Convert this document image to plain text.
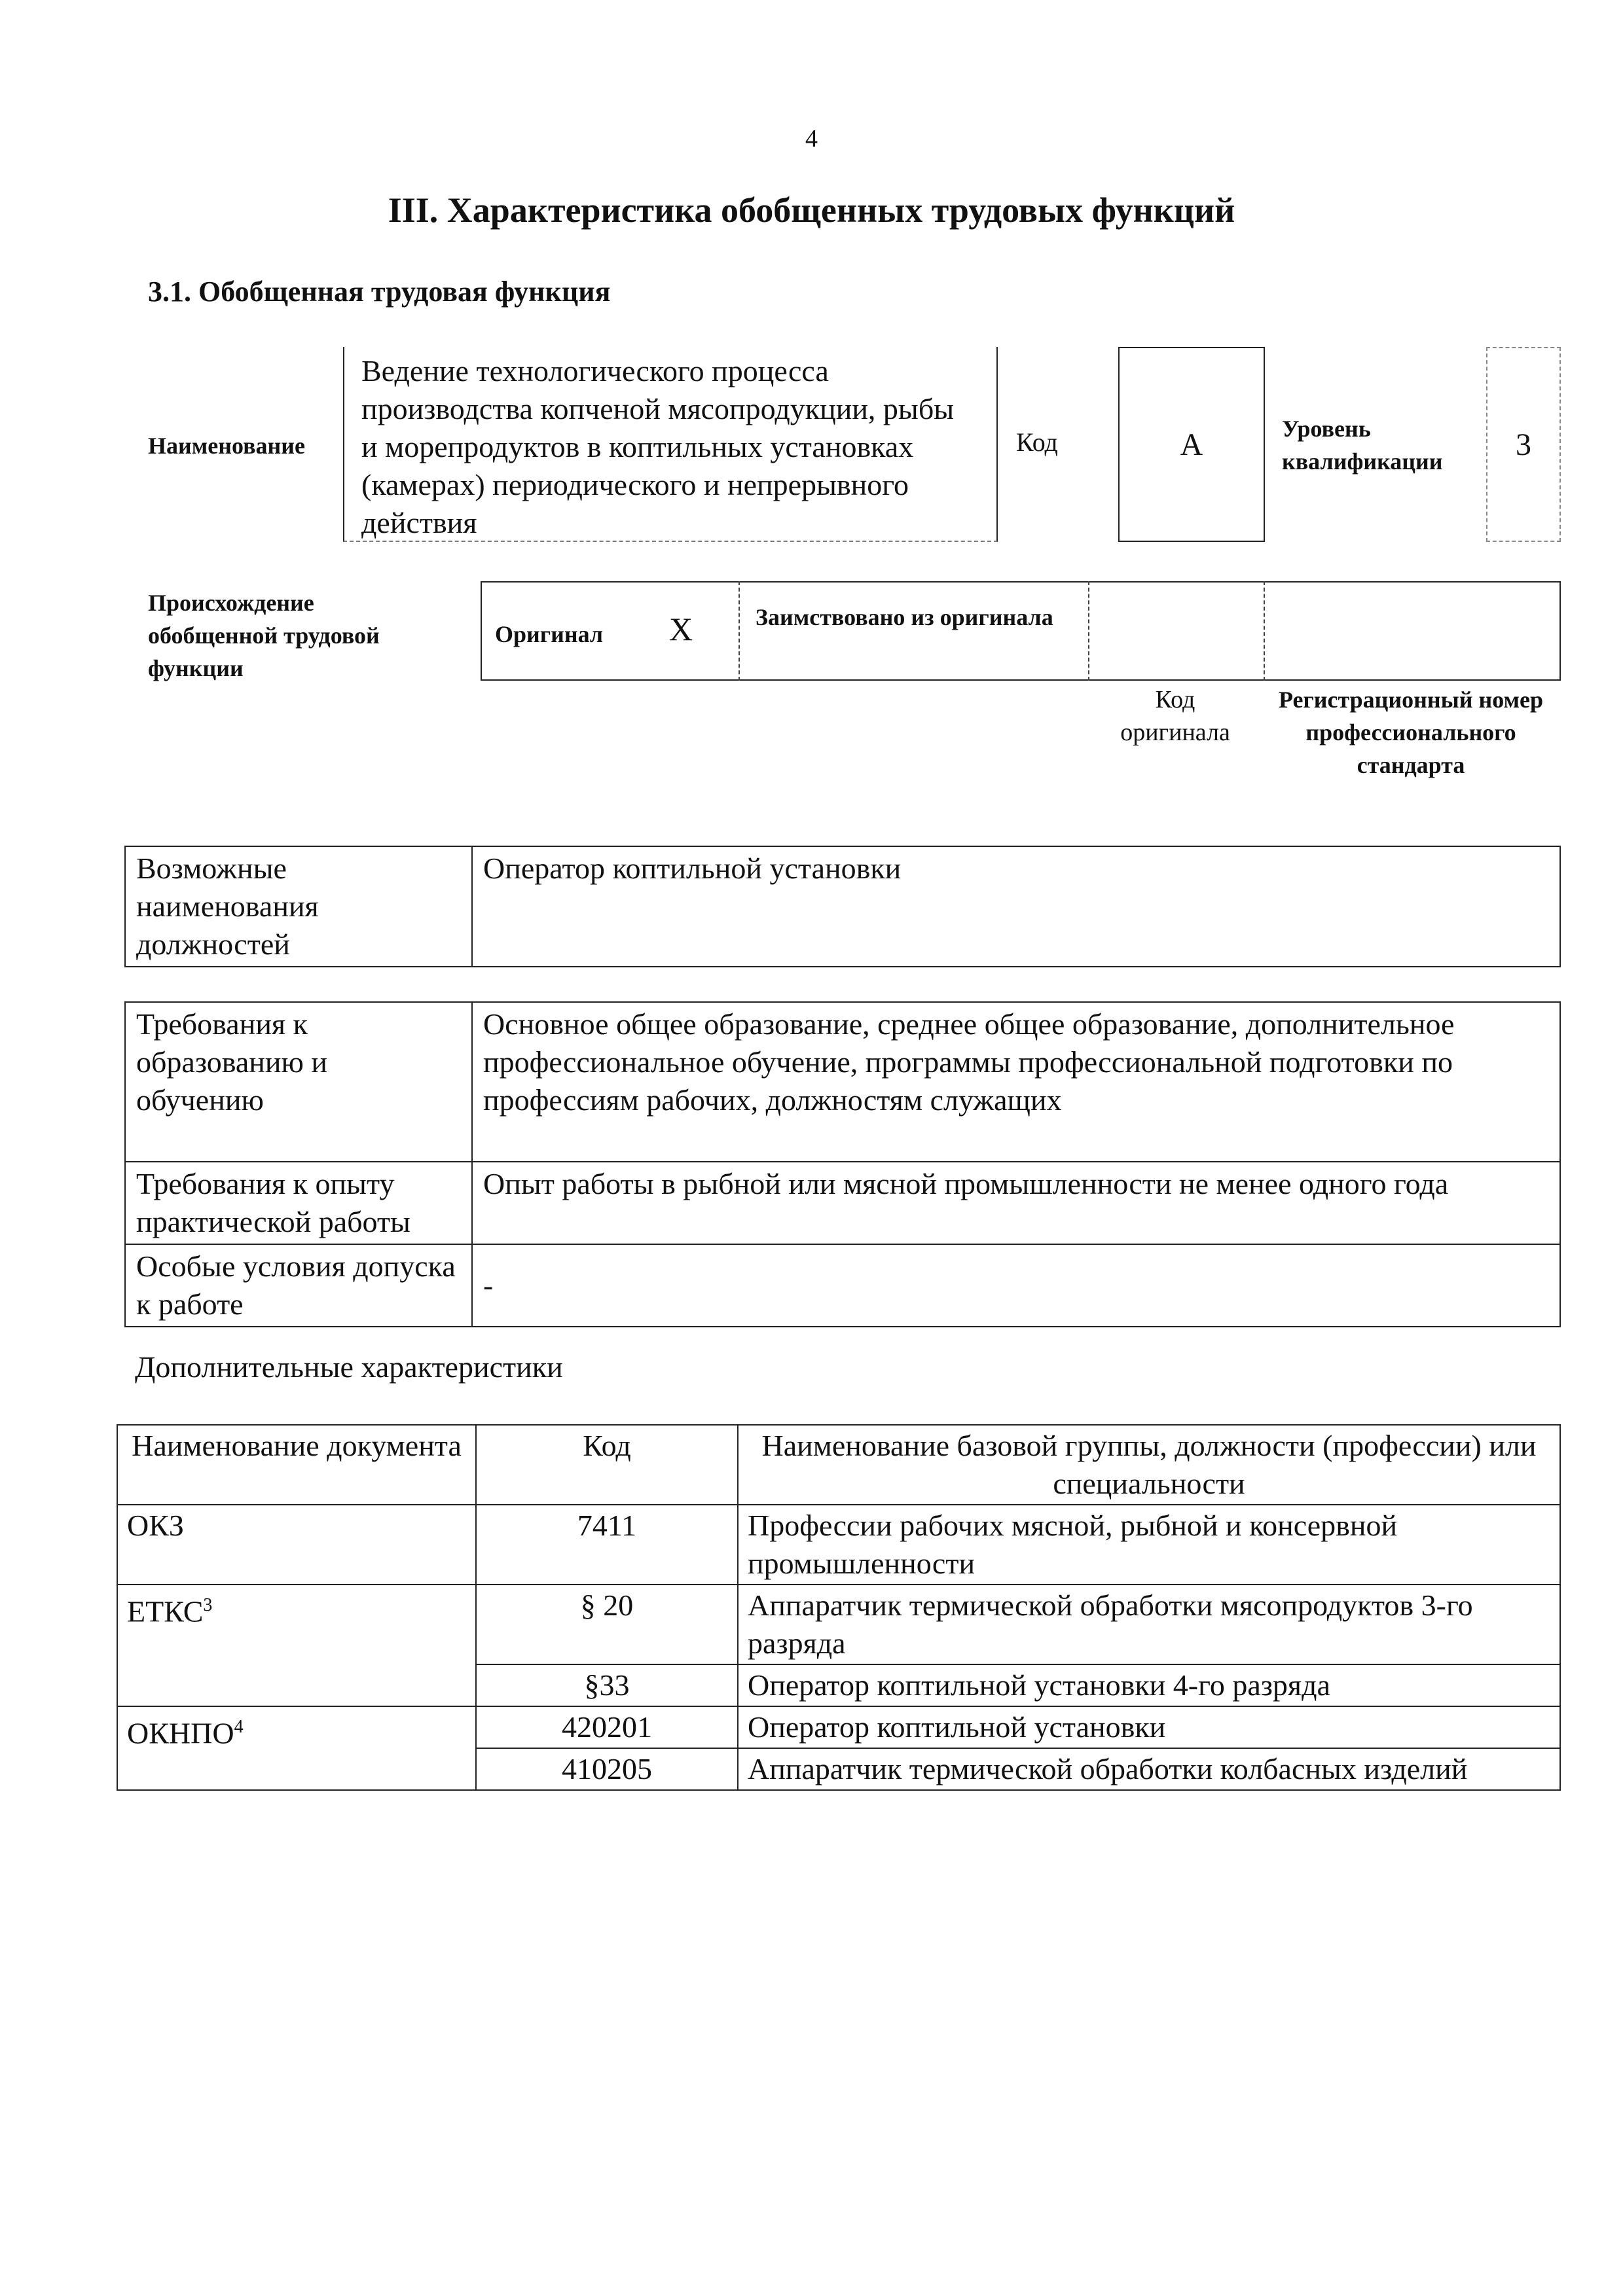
4
III. Характеристика обобщенных трудовых функций
3.1. Обобщенная трудовая функция
Наименование
Ведение технологического процесса производства копченой мясопродукции, рыбы и морепродуктов в коптильных установках (камерах) периодического и непрерывного действия
Код	А	Уровень квалификации	3
Происхождение обобщенной трудовой функции
Оригинал X	Заимствовано из оригинала
Код оригинала
Регистрационный номер профессионального стандарта
Возможные наименования должностей	Оператор коптильной установки
Требования к образованию и обучению	Основное общее образование, среднее общее образование, дополнительное профессиональное обучение, программы профессиональной подготовки по профессиям рабочих, должностям служащих
Требования к опыту практической работы	Опыт работы в рыбной или мясной промышленности не менее одного года
Особые условия допуска к работе	-
Дополнительные характеристики
Наименование документа	Код	Наименование базовой группы, должности (профессии) или специальности
ОКЗ	7411	Профессии рабочих мясной, рыбной и консервной промышленности
ЕТКС$^3$	§ 20	Аппаратчик термической обработки мясопродуктов 3-го разряда
	§33	Оператор коптильной установки 4-го разряда
ОКНПО$^4$	420201	Оператор коптильной установки
	410205	Аппаратчик термической обработки колбасных изделий
